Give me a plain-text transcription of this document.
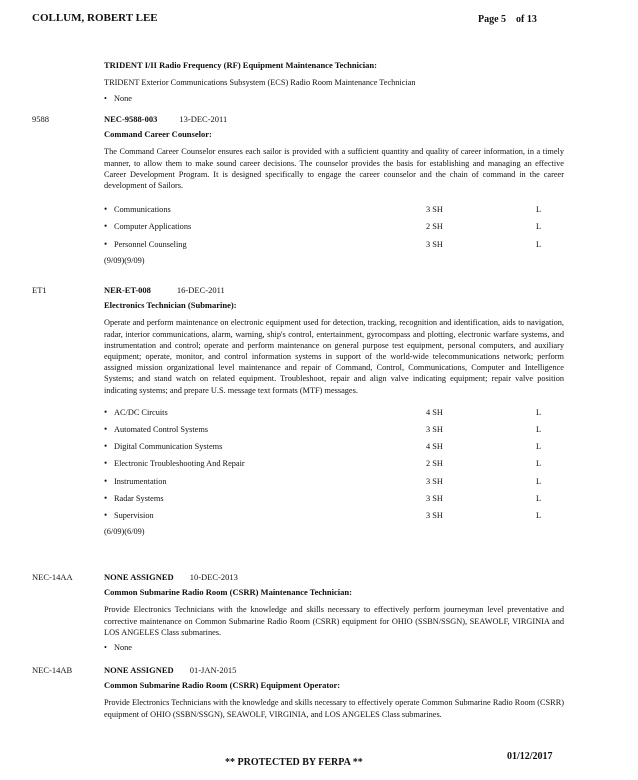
COLLUM, ROBERT LEE	Page 5 of 13
TRIDENT I/II Radio Frequency (RF) Equipment Maintenance Technician:
TRIDENT Exterior Communications Subsystem (ECS) Radio Room Maintenance Technician
• None
9588	NEC-9588-003	13-DEC-2011
Command Career Counselor:
The Command Career Counselor ensures each sailor is provided with a sufficient quantity and quality of career information, in a timely manner, to allow them to make sound career decisions. The counselor provides the basis for establishing and managing an effective Career Development Program. It is designed specifically to engage the career counselor and the chain of command in the career development of Sailors.
• Communications	3 SH	L
• Computer Applications	2 SH	L
• Personnel Counseling	3 SH	L
(9/09)(9/09)
ET1	NER-ET-008	16-DEC-2011
Electronics Technician (Submarine):
Operate and perform maintenance on electronic equipment used for detection, tracking, recognition and identification, aids to navigation, radar, interior communications, alarm, warning, ship's control, entertainment, gyrocompass and plotting, electronic warfare systems, and instrumentation and control; operate and perform maintenance on general purpose test equipment, personal computers, and auxiliary equipment; operate, monitor, and control information systems in support of the world-wide telecommunications network; perform assigned mission organizational level maintenance and repair of Command, Control, Communications, Computer and Intelligence Systems; and stand watch on related equipment. Troubleshoot, repair and align valve indicating equipment; repair valve position indicating systems; and prepare U.S. message text formats (MTF) messages.
• AC/DC Circuits	4 SH	L
• Automated Control Systems	3 SH	L
• Digital Communication Systems	4 SH	L
• Electronic Troubleshooting And Repair	2 SH	L
• Instrumentation	3 SH	L
• Radar Systems	3 SH	L
• Supervision	3 SH	L
(6/09)(6/09)
NEC-14AA	NONE ASSIGNED 10-DEC-2013
Common Submarine Radio Room (CSRR) Maintenance Technician:
Provide Electronics Technicians with the knowledge and skills necessary to effectively perform journeyman level preventative and corrective maintenance on Common Submarine Radio Room (CSRR) equipment for OHIO (SSBN/SSGN), SEAWOLF, VIRGINIA and LOS ANGELES Class submarines.
• None
NEC-14AB	NONE ASSIGNED 01-JAN-2015
Common Submarine Radio Room (CSRR) Equipment Operator:
Provide Electronics Technicians with the knowledge and skills necessary to effectively operate Common Submarine Radio Room (CSRR) equipment of OHIO (SSBN/SSGN), SEAWOLF, VIRGINIA, and LOS ANGELES Class submarines.
** PROTECTED BY FERPA **
01/12/2017
